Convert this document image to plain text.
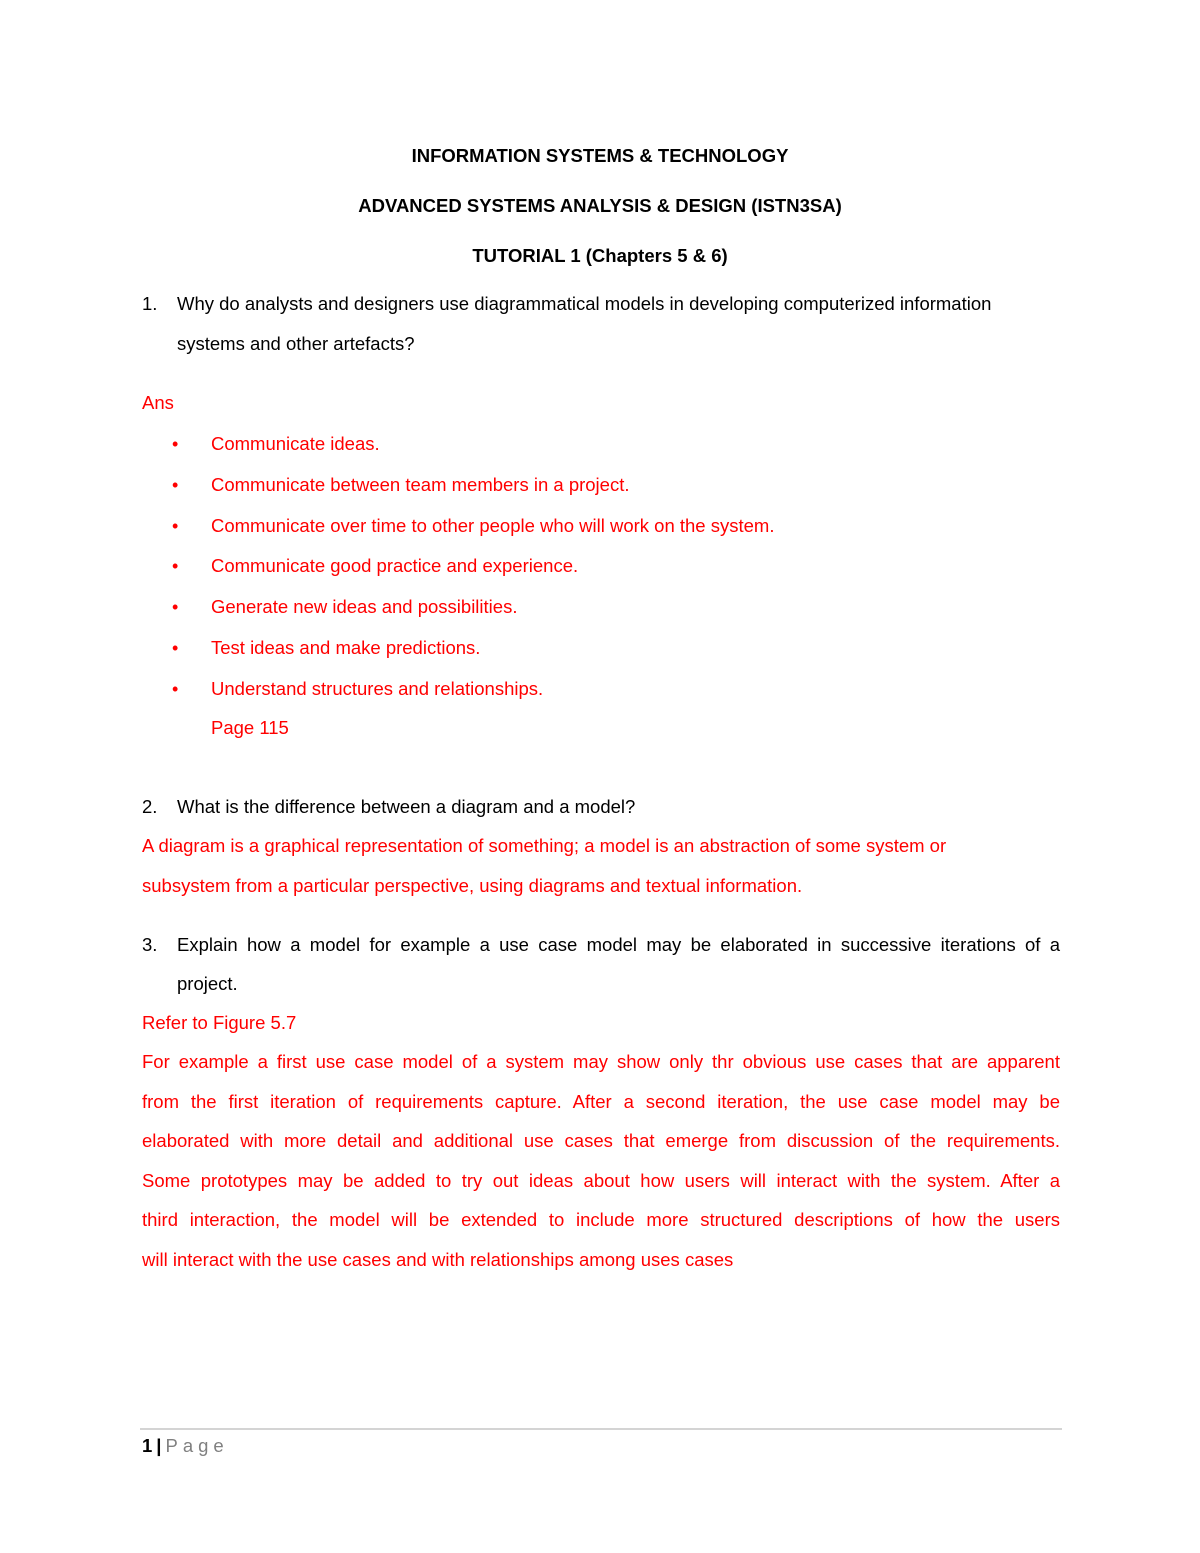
INFORMATION SYSTEMS & TECHNOLOGY
ADVANCED SYSTEMS ANALYSIS & DESIGN (ISTN3SA)
TUTORIAL 1 (Chapters 5 & 6)
1. Why do analysts and designers use diagrammatical models in developing computerized information
systems and other artefacts?
Ans
• Communicate ideas.
• Communicate between team members in a project.
• Communicate over time to other people who will work on the system.
• Communicate good practice and experience.
• Generate new ideas and possibilities.
• Test ideas and make predictions.
• Understand structures and relationships.
Page 115
2. What is the difference between a diagram and a model?
A diagram is a graphical representation of something; a model is an abstraction of some system or
subsystem from a particular perspective, using diagrams and textual information.
3. Explain how a model for example a use case model may be elaborated in successive iterations of a
project.
Refer to Figure 5.7
For example a first use case model of a system may show only thr obvious use cases that are apparent
from the first iteration of requirements capture. After a second iteration, the use case model may be
elaborated with more detail and additional use cases that emerge from discussion of the requirements.
Some prototypes may be added to try out ideas about how users will interact with the system. After a
third interaction, the model will be extended to include more structured descriptions of how the users
will interact with the use cases and with relationships among uses cases
1 | Page
